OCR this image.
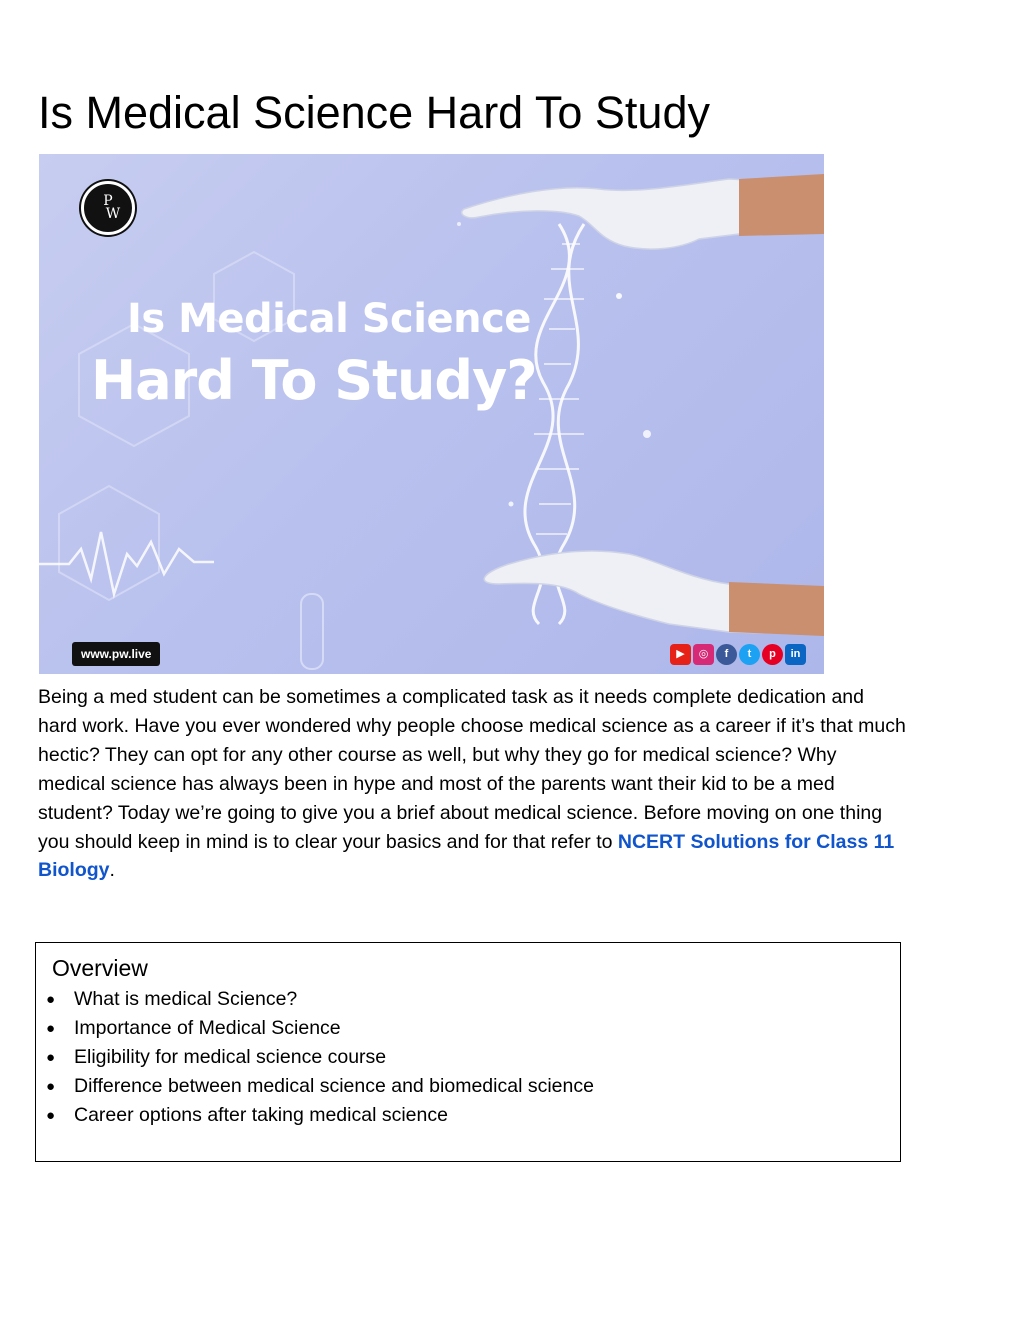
Is Medical Science Hard To Study
P
W
Is Medical Science
Hard To Study?
www.pw.live	▶	◎	f	t	p	in

Being a med student can be sometimes a complicated task as it needs complete dedication and hard work. Have you ever wondered why people choose medical science as a career if it’s that much hectic? They can opt for any other course as well, but why they go for medical science? Why medical science has always been in hype and most of the parents want their kid to be a med student? Today we’re going to give you a brief about medical science. Before moving on one thing you should keep in mind is to clear your basics and for that refer to NCERT Solutions for Class 11 Biology.

Overview
● What is medical Science?
● Importance of Medical Science
● Eligibility for medical science course
● Difference between medical science and biomedical science
● Career options after taking medical science
